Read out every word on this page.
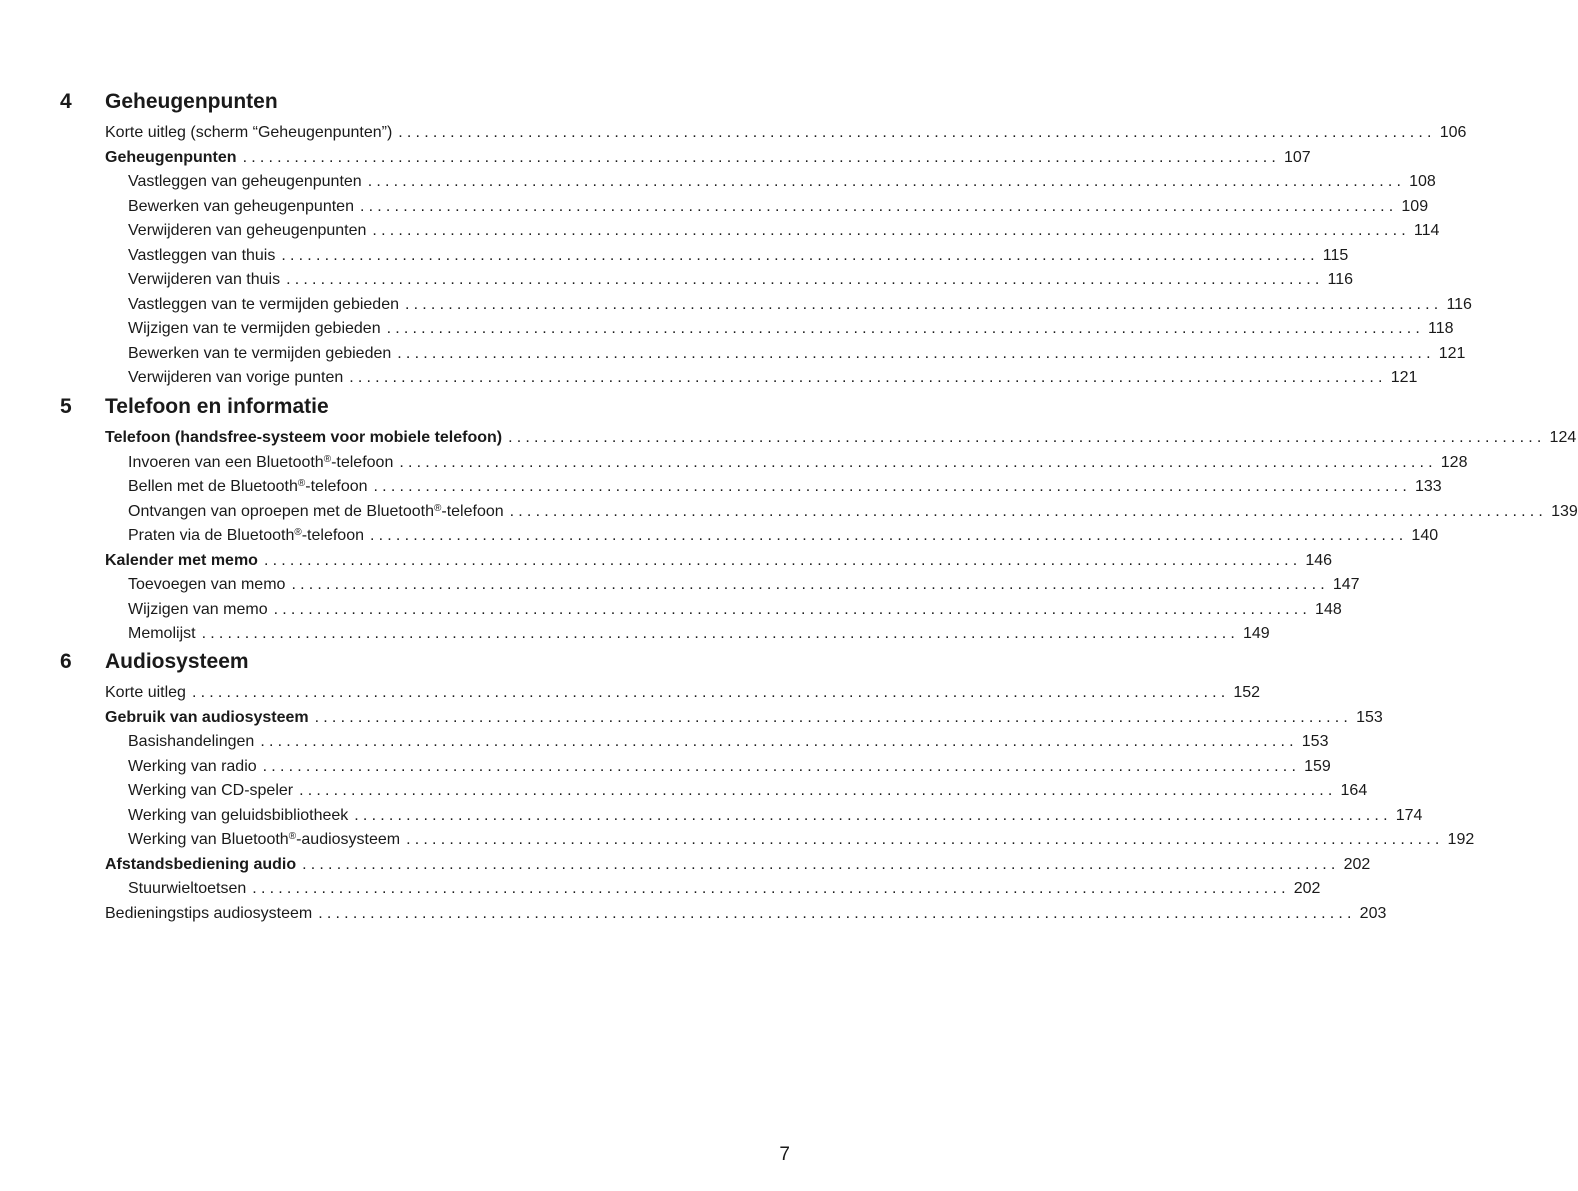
4 Geheugenpunten
Korte uitleg (scherm “Geheugenpunten”) ........................................................................................................................ 106
Geheugenpunten ........................................................................................................................ 107
Vastleggen van geheugenpunten ........................................................................................................................ 108
Bewerken van geheugenpunten ........................................................................................................................ 109
Verwijderen van geheugenpunten ........................................................................................................................ 114
Vastleggen van thuis ........................................................................................................................ 115
Verwijderen van thuis ........................................................................................................................ 116
Vastleggen van te vermijden gebieden ........................................................................................................................ 116
Wijzigen van te vermijden gebieden ........................................................................................................................ 118
Bewerken van te vermijden gebieden ........................................................................................................................ 121
Verwijderen van vorige punten ........................................................................................................................ 121
5 Telefoon en informatie
Telefoon (handsfree-systeem voor mobiele telefoon) ........................................................................................................................ 124
Invoeren van een Bluetooth®-telefoon ........................................................................................................................ 128
Bellen met de Bluetooth®-telefoon ........................................................................................................................ 133
Ontvangen van oproepen met de Bluetooth®-telefoon ........................................................................................................................ 139
Praten via de Bluetooth®-telefoon ........................................................................................................................ 140
Kalender met memo ........................................................................................................................ 146
Toevoegen van memo ........................................................................................................................ 147
Wijzigen van memo ........................................................................................................................ 148
Memolijst ........................................................................................................................ 149
6 Audiosysteem
Korte uitleg ........................................................................................................................ 152
Gebruik van audiosysteem ........................................................................................................................ 153
Basishandelingen ........................................................................................................................ 153
Werking van radio ........................................................................................................................ 159
Werking van CD-speler ........................................................................................................................ 164
Werking van geluidsbibliotheek ........................................................................................................................ 174
Werking van Bluetooth®-audiosysteem ........................................................................................................................ 192
Afstandsbediening audio ........................................................................................................................ 202
Stuurwieltoetsen ........................................................................................................................ 202
Bedieningstips audiosysteem ........................................................................................................................ 203
7
